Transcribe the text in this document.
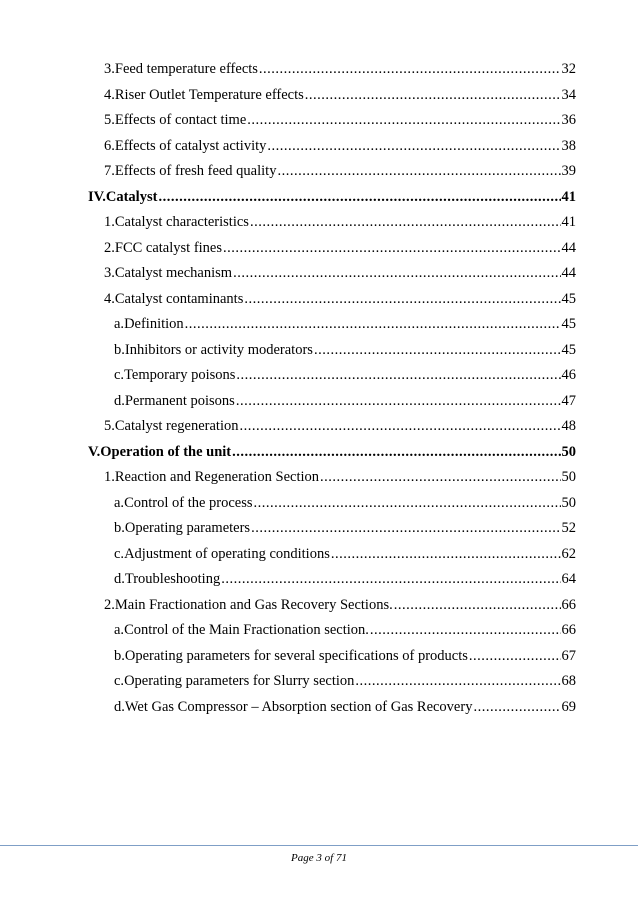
3. Feed temperature effects .....	32
4. Riser Outlet Temperature effects .....	34
5. Effects of contact time .....	36
6. Effects of catalyst activity .....	38
7. Effects of fresh feed quality .....	39
IV. Catalyst .....	41
1. Catalyst characteristics .....	41
2. FCC catalyst fines .....	44
3. Catalyst mechanism .....	44
4. Catalyst contaminants .....	45
a. Definition .....	45
b. Inhibitors or activity moderators .....	45
c. Temporary poisons .....	46
d. Permanent poisons .....	47
5. Catalyst regeneration .....	48
V. Operation of the unit .....	50
1. Reaction and Regeneration Section .....	50
a. Control of the process .....	50
b. Operating parameters .....	52
c. Adjustment of operating conditions .....	62
d. Troubleshooting .....	64
2. Main Fractionation and Gas Recovery Sections. .....	66
a. Control of the Main Fractionation section. .....	66
b. Operating parameters for several specifications of products .....	67
c. Operating parameters for Slurry section .....	68
d. Wet Gas Compressor – Absorption section of Gas Recovery .....	69
Page 3 of 71
